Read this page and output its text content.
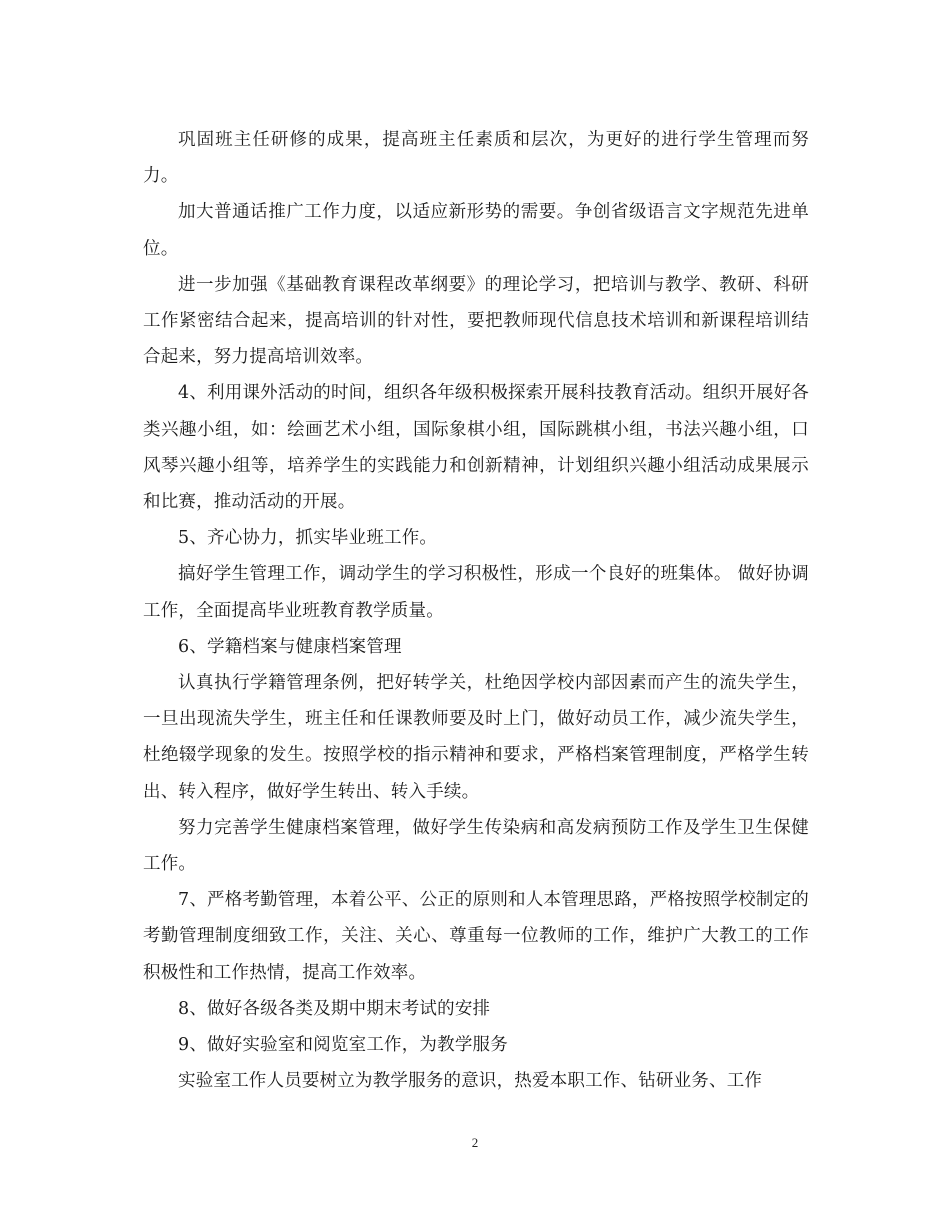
巩固班主任研修的成果，提高班主任素质和层次，为更好的进行学生管理而努力。

加大普通话推广工作力度，以适应新形势的需要。争创省级语言文字规范先进单位。

进一步加强《基础教育课程改革纲要》的理论学习，把培训与教学、教研、科研工作紧密结合起来，提高培训的针对性，要把教师现代信息技术培训和新课程培训结合起来，努力提高培训效率。

4、利用课外活动的时间，组织各年级积极探索开展科技教育活动。组织开展好各类兴趣小组，如：绘画艺术小组，国际象棋小组，国际跳棋小组，书法兴趣小组，口风琴兴趣小组等，培养学生的实践能力和创新精神，计划组织兴趣小组活动成果展示和比赛，推动活动的开展。

5、齐心协力，抓实毕业班工作。

搞好学生管理工作，调动学生的学习积极性，形成一个良好的班集体。 做好协调工作，全面提高毕业班教育教学质量。

6、学籍档案与健康档案管理

认真执行学籍管理条例，把好转学关，杜绝因学校内部因素而产生的流失学生，一旦出现流失学生，班主任和任课教师要及时上门，做好动员工作，减少流失学生，杜绝辍学现象的发生。按照学校的指示精神和要求，严格档案管理制度，严格学生转出、转入程序，做好学生转出、转入手续。

努力完善学生健康档案管理，做好学生传染病和高发病预防工作及学生卫生保健工作。

7、严格考勤管理，本着公平、公正的原则和人本管理思路，严格按照学校制定的考勤管理制度细致工作，关注、关心、尊重每一位教师的工作，维护广大教工的工作积极性和工作热情，提高工作效率。

8、做好各级各类及期中期末考试的安排

9、做好实验室和阅览室工作，为教学服务

实验室工作人员要树立为教学服务的意识，热爱本职工作、钻研业务、工作

2
